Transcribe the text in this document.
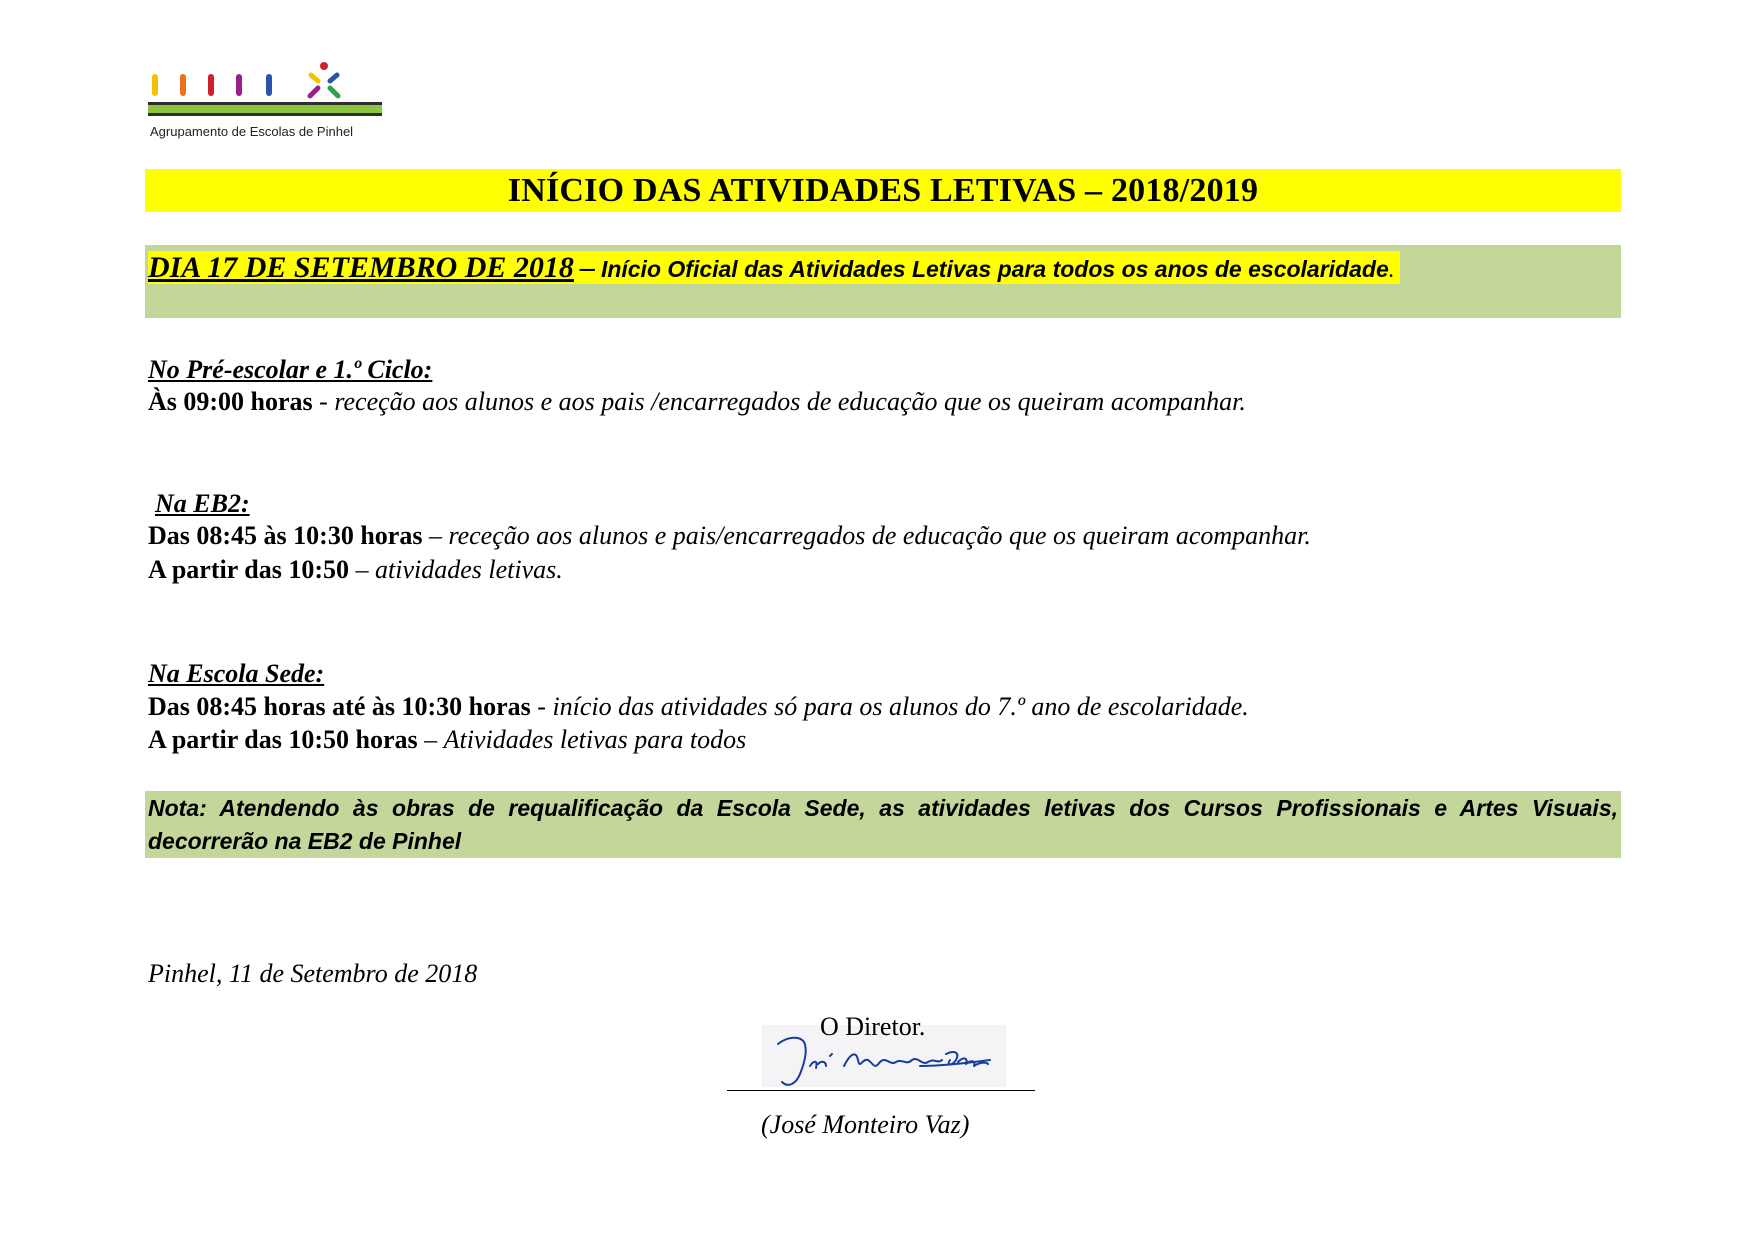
Agrupamento de Escolas de Pinhel
INÍCIO DAS ATIVIDADES LETIVAS – 2018/2019
DIA 17 DE SETEMBRO DE 2018 – Início Oficial das Atividades Letivas para todos os anos de escolaridade .
No Pré-escolar e 1.º Ciclo:
Às 09:00 horas - receção aos alunos e aos pais /encarregados de educação que os queiram acompanhar.
Na EB2:
Das 08:45 às 10:30 horas – receção aos alunos e pais/encarregados de educação que os queiram acompanhar.
A partir das 10:50 – atividades letivas.
Na Escola Sede:
Das 08:45 horas até às 10:30 horas - início das atividades só para os alunos do 7.º ano de escolaridade.
A partir das 10:50 horas – Atividades letivas para todos
Nota: Atendendo às obras de requalificação da Escola Sede, as atividades letivas dos Cursos Profissionais e Artes Visuais, decorrerão na EB2 de Pinhel
Pinhel, 11 de Setembro de 2018
O Diretor.
(José Monteiro Vaz)
